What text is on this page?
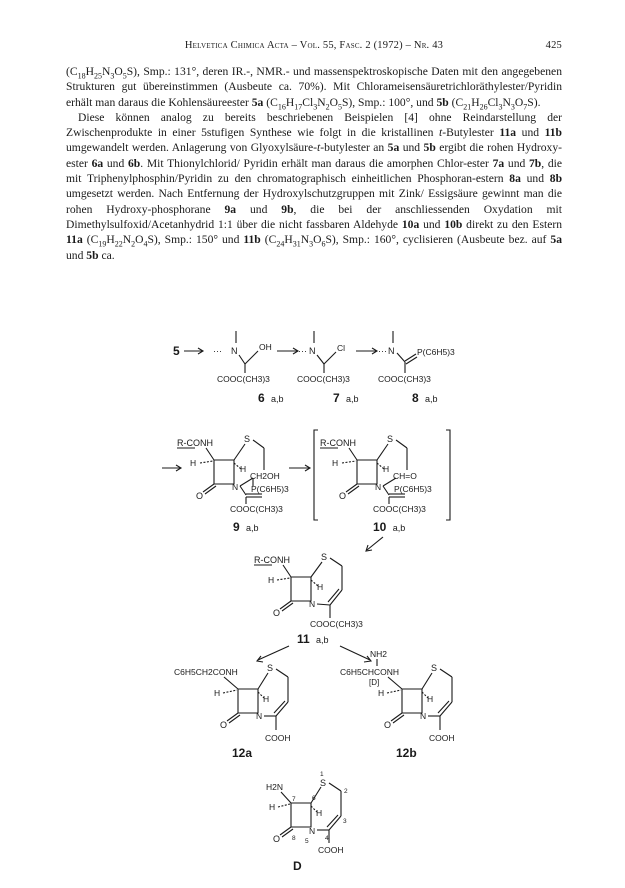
Helvetica Chimica Acta – Vol. 55, Fasc. 2 (1972) – Nr. 43	425

$(C_{18}H_{25}N_3O_5S)$, Smp.: 131°, deren IR.-, NMR.- und massenspektroskopische Daten mit den angegebenen Strukturen gut übereinstimmen (Ausbeute ca. 70%). Mit Chlorameisensäuretrichloräthylester/Pyridin erhält man daraus die Kohlensäureester 5a $(C_{16}H_{17}Cl_3N_2O_5S)$, Smp.: 100°, und 5b $(C_{21}H_{26}Cl_3N_3O_7S)$.

Diese können analog zu bereits beschriebenen Beispielen [4] ohne Reindarstellung der Zwischenprodukte in einer 5stufigen Synthese wie folgt in die kristallinen t-Butylester 11a und 11b umgewandelt werden. Anlagerung von Glyoxylsäure-t-butylester an 5a und 5b ergibt die rohen Hydroxy-ester 6a und 6b. Mit Thionylchlorid/ Pyridin erhält man daraus die amorphen Chlor-ester 7a und 7b, die mit Triphenylphosphin/Pyridin zu den chromatographisch einheitlichen Phosphoran-estern 8a und 8b umgesetzt werden. Nach Entfernung der Hydroxylschutzgruppen mit Zink/ Essigsäure gewinnt man die rohen Hydroxy-phosphorane 9a und 9b, die bei der anschliessenden Oxydation mit Dimethylsulfoxid/Acetanhydrid 1:1 über die nicht fassbaren Aldehyde 10a und 10b direkt zu den Estern 11a $(C_{19}H_{22}N_2O_4S)$, Smp.: 150° und 11b $(C_{24}H_{31}N_3O_6S)$, Smp.: 160°, cyclisieren (Ausbeute bez. auf 5a und 5b ca.

5	··· N	OH
COOC(CH3)3
··· N	Cl
COOC(CH3)3
··· N	P(C6H5)3
COOC(CH3)3
6 a,b	7 a,b	8 a,b
R-CONH
H
O
N
S
H
CH2OH
P(C6H5)3
COOC(CH3)3
R-CONH
H
O
N
S
H
CH=O
P(C6H5)3
COOC(CH3)3
9 a,b	10 a,b
R-CONH
H
O
N
S
H
COOC(CH3)3
11 a,b
C6H5CH2CONH
H
O
N
S
H
COOH
12a
NH2
C6H5CHCONH
[D]
H
O
N
S
H
COOH
12b
H2N
7
H
6
O 8
N
5
1
S
2
H
3
4
COOH
D
